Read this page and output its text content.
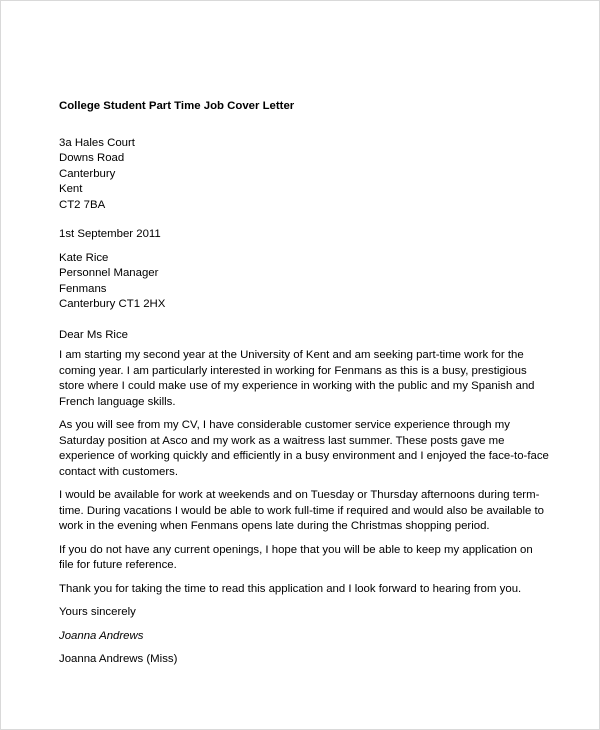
College Student Part Time Job Cover Letter
3a Hales Court
Downs Road
Canterbury
Kent
CT2 7BA
1st September 2011
Kate Rice
Personnel Manager
Fenmans
Canterbury CT1 2HX
Dear Ms Rice

I am starting my second year at the University of Kent and am seeking part-time work for the coming year. I am particularly interested in working for Fenmans as this is a busy, prestigious store where I could make use of my experience in working with the public and my Spanish and French language skills.

As you will see from my CV, I have considerable customer service experience through my Saturday position at Asco and my work as a waitress last summer. These posts gave me experience of working quickly and efficiently in a busy environment and I enjoyed the face-to-face contact with customers.

I would be available for work at weekends and on Tuesday or Thursday afternoons during term-time. During vacations I would be able to work full-time if required and would also be available to work in the evening when Fenmans opens late during the Christmas shopping period.

If you do not have any current openings, I hope that you will be able to keep my application on file for future reference.

Thank you for taking the time to read this application and I look forward to hearing from you.

Yours sincerely
Joanna Andrews
Joanna Andrews (Miss)
